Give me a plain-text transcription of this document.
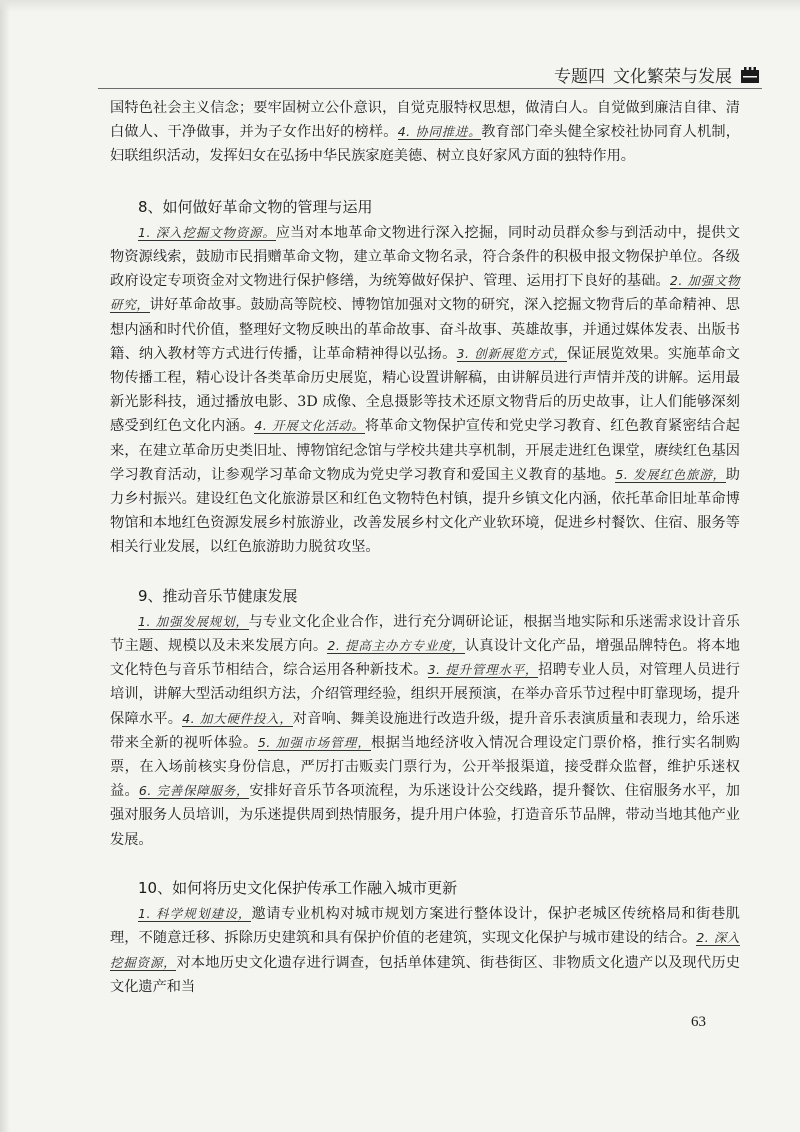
专题四 文化繁荣与发展

国特色社会主义信念；要牢固树立公仆意识，自觉克服特权思想，做清白人。自觉做到廉洁自律、清白做人、干净做事，并为子女作出好的榜样。4. 协同推进。教育部门牵头健全家校社协同育人机制，妇联组织活动，发挥妇女在弘扬中华民族家庭美德、树立良好家风方面的独特作用。

8、如何做好革命文物的管理与运用

1. 深入挖掘文物资源。应当对本地革命文物进行深入挖掘，同时动员群众参与到活动中，提供文物资源线索，鼓励市民捐赠革命文物，建立革命文物名录，符合条件的积极申报文物保护单位。各级政府设定专项资金对文物进行保护修缮，为统筹做好保护、管理、运用打下良好的基础。2. 加强文物研究，讲好革命故事。鼓励高等院校、博物馆加强对文物的研究，深入挖掘文物背后的革命精神、思想内涵和时代价值，整理好文物反映出的革命故事、奋斗故事、英雄故事，并通过媒体发表、出版书籍、纳入教材等方式进行传播，让革命精神得以弘扬。3. 创新展览方式，保证展览效果。实施革命文物传播工程，精心设计各类革命历史展览，精心设置讲解稿，由讲解员进行声情并茂的讲解。运用最新光影科技，通过播放电影、3D 成像、全息摄影等技术还原文物背后的历史故事，让人们能够深刻感受到红色文化内涵。4. 开展文化活动。将革命文物保护宣传和党史学习教育、红色教育紧密结合起来，在建立革命历史类旧址、博物馆纪念馆与学校共建共享机制，开展走进红色课堂，赓续红色基因学习教育活动，让参观学习革命文物成为党史学习教育和爱国主义教育的基地。5. 发展红色旅游，助力乡村振兴。建设红色文化旅游景区和红色文物特色村镇，提升乡镇文化内涵，依托革命旧址革命博物馆和本地红色资源发展乡村旅游业，改善发展乡村文化产业软环境，促进乡村餐饮、住宿、服务等相关行业发展，以红色旅游助力脱贫攻坚。

9、推动音乐节健康发展

1. 加强发展规划，与专业文化企业合作，进行充分调研论证，根据当地实际和乐迷需求设计音乐节主题、规模以及未来发展方向。2. 提高主办方专业度，认真设计文化产品，增强品牌特色。将本地文化特色与音乐节相结合，综合运用各种新技术。3. 提升管理水平，招聘专业人员，对管理人员进行培训，讲解大型活动组织方法，介绍管理经验，组织开展预演，在举办音乐节过程中盯靠现场，提升保障水平。4. 加大硬件投入，对音响、舞美设施进行改造升级，提升音乐表演质量和表现力，给乐迷带来全新的视听体验。5. 加强市场管理，根据当地经济收入情况合理设定门票价格，推行实名制购票，在入场前核实身份信息，严厉打击贩卖门票行为，公开举报渠道，接受群众监督，维护乐迷权益。6. 完善保障服务，安排好音乐节各项流程，为乐迷设计公交线路，提升餐饮、住宿服务水平，加强对服务人员培训，为乐迷提供周到热情服务，提升用户体验，打造音乐节品牌，带动当地其他产业发展。

10、如何将历史文化保护传承工作融入城市更新

1. 科学规划建设，邀请专业机构对城市规划方案进行整体设计，保护老城区传统格局和街巷肌理，不随意迁移、拆除历史建筑和具有保护价值的老建筑，实现文化保护与城市建设的结合。2. 深入挖掘资源，对本地历史文化遗存进行调查，包括单体建筑、街巷街区、非物质文化遗产以及现代历史文化遗产和当

63
